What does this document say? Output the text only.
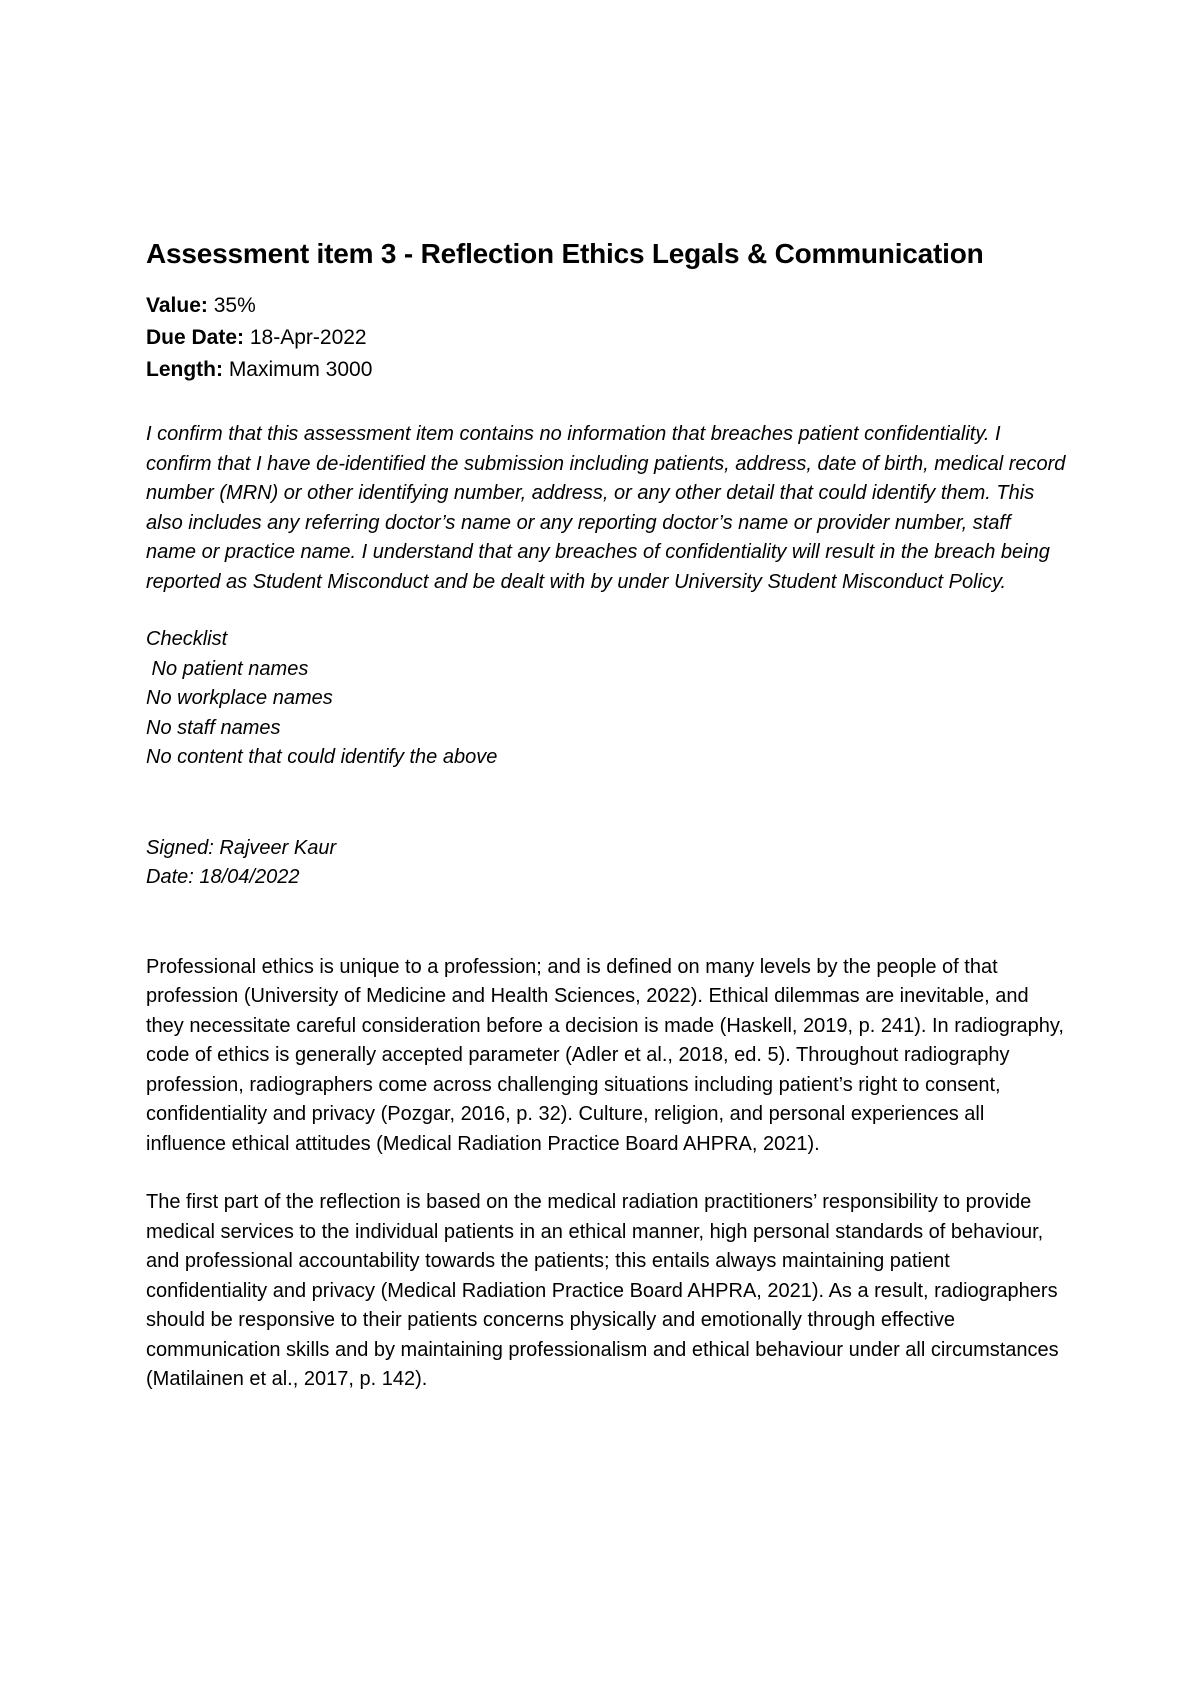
Assessment item 3 - Reflection Ethics Legals & Communication
Value: 35%
Due Date: 18-Apr-2022
Length: Maximum 3000

I confirm that this assessment item contains no information that breaches patient confidentiality. I confirm that I have de-identified the submission including patients, address, date of birth, medical record number (MRN) or other identifying number, address, or any other detail that could identify them. This also includes any referring doctor’s name or any reporting doctor’s name or provider number, staff name or practice name. I understand that any breaches of confidentiality will result in the breach being reported as Student Misconduct and be dealt with by under University Student Misconduct Policy.

Checklist
No patient names
No workplace names
No staff names
No content that could identify the above
Signed: Rajveer Kaur
Date: 18/04/2022

Professional ethics is unique to a profession; and is defined on many levels by the people of that profession (University of Medicine and Health Sciences, 2022). Ethical dilemmas are inevitable, and they necessitate careful consideration before a decision is made (Haskell, 2019, p. 241). In radiography, code of ethics is generally accepted parameter (Adler et al., 2018, ed. 5). Throughout radiography profession, radiographers come across challenging situations including patient’s right to consent, confidentiality and privacy (Pozgar, 2016, p. 32). Culture, religion, and personal experiences all influence ethical attitudes (Medical Radiation Practice Board AHPRA, 2021).

The first part of the reflection is based on the medical radiation practitioners’ responsibility to provide medical services to the individual patients in an ethical manner, high personal standards of behaviour, and professional accountability towards the patients; this entails always maintaining patient confidentiality and privacy (Medical Radiation Practice Board AHPRA, 2021). As a result, radiographers should be responsive to their patients concerns physically and emotionally through effective communication skills and by maintaining professionalism and ethical behaviour under all circumstances (Matilainen et al., 2017, p. 142).
